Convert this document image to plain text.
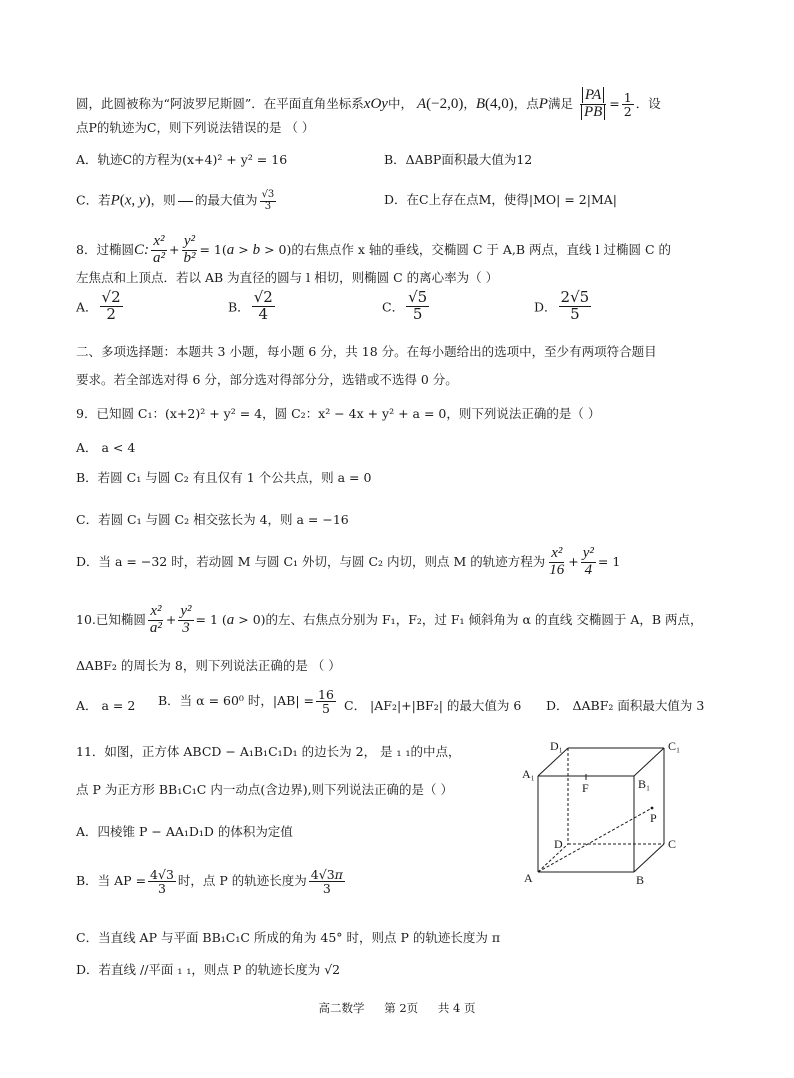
圆，此圆被称为“阿波罗尼斯圆”．在平面直角坐标系xOy中， A(−2,0)，B(4,0)，点P满足 $\frac{PA}{PB} = \frac{1}{2}$ ．设
点P的轨迹为C，则下列说法错误的是 （ ）
A．轨迹C的方程为(x+4)² + y² = 16	B．ΔABP面积最大值为12
C．若P(x, y)，则

的最大值为 $\frac{√3}{3}$	D．在C上存在点M，使得|MO| = 2|MA|
8．过椭圆C: $\frac{\text{x²}}{\text{a²}} + \frac{\text{y²}}{\text{b²}} = 1(a > b > 0)$的右焦点作 x 轴的垂线，交椭圆 C 于 A,B 两点，直线 l 过椭圆 C 的
左焦点和上顶点．若以 AB 为直径的圆与 l 相切，则椭圆 C 的离心率为（ ）
A． $\frac{√2}{2}$	B． $\frac{√2}{4}$	C． $\frac{√5}{5}$	D． $\frac{2√5}{5}$
二、多项选择题：本题共 3 小题，每小题 6 分，共 18 分。在每小题给出的选项中，至少有两项符合题目
要求。若全部选对得 6 分，部分选对得部分分，选错或不选得 0 分。
9．已知圆 C₁：(x+2)² + y² = 4，圆 C₂：x² − 4x + y² + a = 0，则下列说法正确的是（ ）
A． a < 4
B．若圆 C₁ 与圆 C₂ 有且仅有 1 个公共点，则 a = 0
C．若圆 C₁ 与圆 C₂ 相交弦长为 4，则 a = −16
D．当 a = −32 时，若动圆 M 与圆 C₁ 外切，与圆 C₂ 内切，则点 M 的轨迹方程为 $\frac{\text{x²}}{16} + \frac{\text{y²}}{4} = 1$
10.已知椭圆 $\frac{\text{x²}}{\text{a²}} + \frac{\text{y²}}{3} = 1$ (a > 0)的左、右焦点分别为 F₁，F₂，过 F₁ 倾斜角为 α 的直线 交椭圆于 A，B 两点，
ΔABF₂ 的周长为 8，则下列说法正确的是 （ ）
A． a = 2 B．当 α = 60⁰ 时，$|AB| = \frac{16}{5}$ C． |AF₂|+|BF₂| 的最大值为 6 D． ΔABF₂ 面积最大值为 3
11．如图，正方体 ABCD − A₁B₁C₁D₁ 的边长为 2， 是 ₁ ₁的中点，
点 P 为正方形 BB₁C₁C 内一动点(含边界),则下列说法正确的是（ ）
A．四棱锥 P − AA₁D₁D 的体积为定值
B．当 AP = $\frac{4√3}{3}$ 时，点 P 的轨迹长度为 $\frac{4√3\pi}{3}$
C．当直线 AP 与平面 BB₁C₁C 所成的角为 45° 时，则点 P 的轨迹长度为 π
D．若直线 //平面 ₁ ₁，则点 P 的轨迹长度为 √2
D₁	C₁
A₁
B₁
F
P
D	C
A	B
高二数学 第 2页 共 4 页
